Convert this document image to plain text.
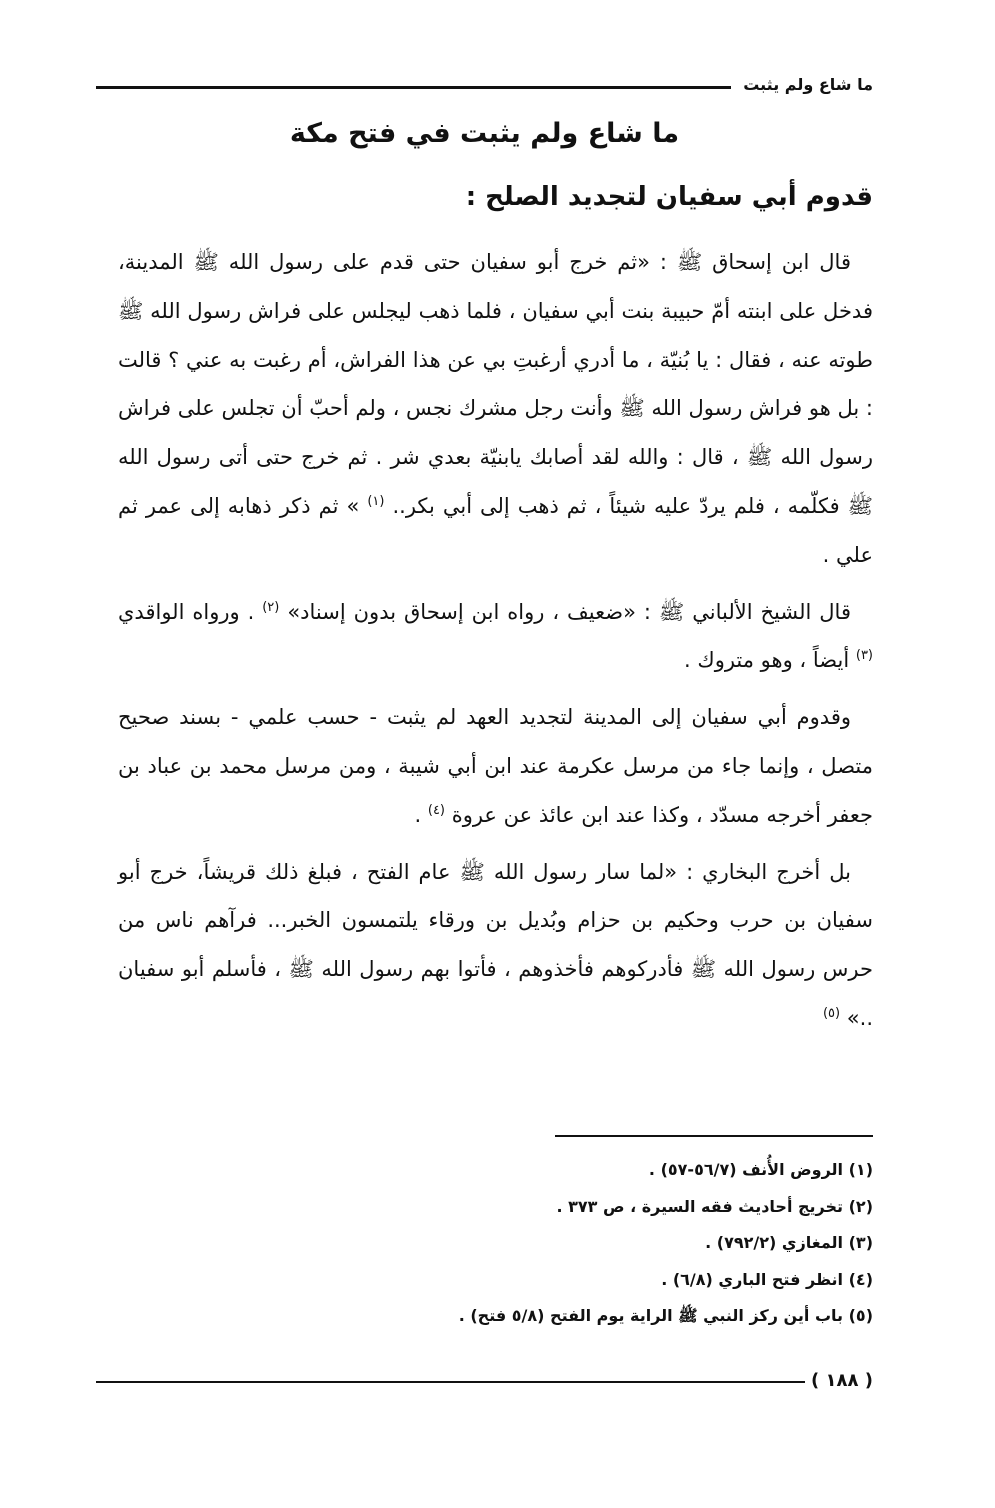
ما شاع ولم يثبت
ما شاع ولم يثبت في فتح مكة
قدوم أبي سفيان لتجديد الصلح :

قال ابن إسحاق ﷺ : «ثم خرج أبو سفيان حتى قدم على رسول الله ﷺ المدينة، فدخل على ابنته أمّ حبيبة بنت أبي سفيان ، فلما ذهب ليجلس على فراش رسول الله ﷺ طوته عنه ، فقال : يا بُنيّة ، ما أدري أرغبتِ بي عن هذا الفراش، أم رغبت به عني ؟ قالت : بل هو فراش رسول الله ﷺ وأنت رجل مشرك نجس ، ولم أحبّ أن تجلس على فراش رسول الله ﷺ ، قال : والله لقد أصابك يابنيّة بعدي شر . ثم خرج حتى أتى رسول الله ﷺ فكلّمه ، فلم يردّ عليه شيئاً ، ثم ذهب إلى أبي بكر.. $^{(١)}$ » ثم ذكر ذهابه إلى عمر ثم علي .

قال الشيخ الألباني ﷺ : «ضعيف ، رواه ابن إسحاق بدون إسناد» $^{(٢)}$ . ورواه الواقدي $^{(٣)}$ أيضاً ، وهو متروك .

وقدوم أبي سفيان إلى المدينة لتجديد العهد لم يثبت - حسب علمي - بسند صحيح متصل ، وإنما جاء من مرسل عكرمة عند ابن أبي شيبة ، ومن مرسل محمد بن عباد بن جعفر أخرجه مسدّد ، وكذا عند ابن عائذ عن عروة $^{(٤)}$ .

بل أخرج البخاري : «لما سار رسول الله ﷺ عام الفتح ، فبلغ ذلك قريشاً، خرج أبو سفيان بن حرب وحكيم بن حزام وبُديل بن ورقاء يلتمسون الخبر... فرآهم ناس من حرس رسول الله ﷺ فأدركوهم فأخذوهم ، فأتوا بهم رسول الله ﷺ ، فأسلم أبو سفيان ..» $^{(٥)}$

(١) الروض الأُنف (٥٦/٧-٥٧) .
(٢) تخريج أحاديث فقه السيرة ، ص ٣٧٣ .
(٣) المغازي (٧٩٢/٢) .
(٤) انظر فتح الباري (٦/٨) .
(٥) باب أين ركز النبي ﷺ الراية يوم الفتح (٥/٨ فتح) .
( ١٨٨ )
